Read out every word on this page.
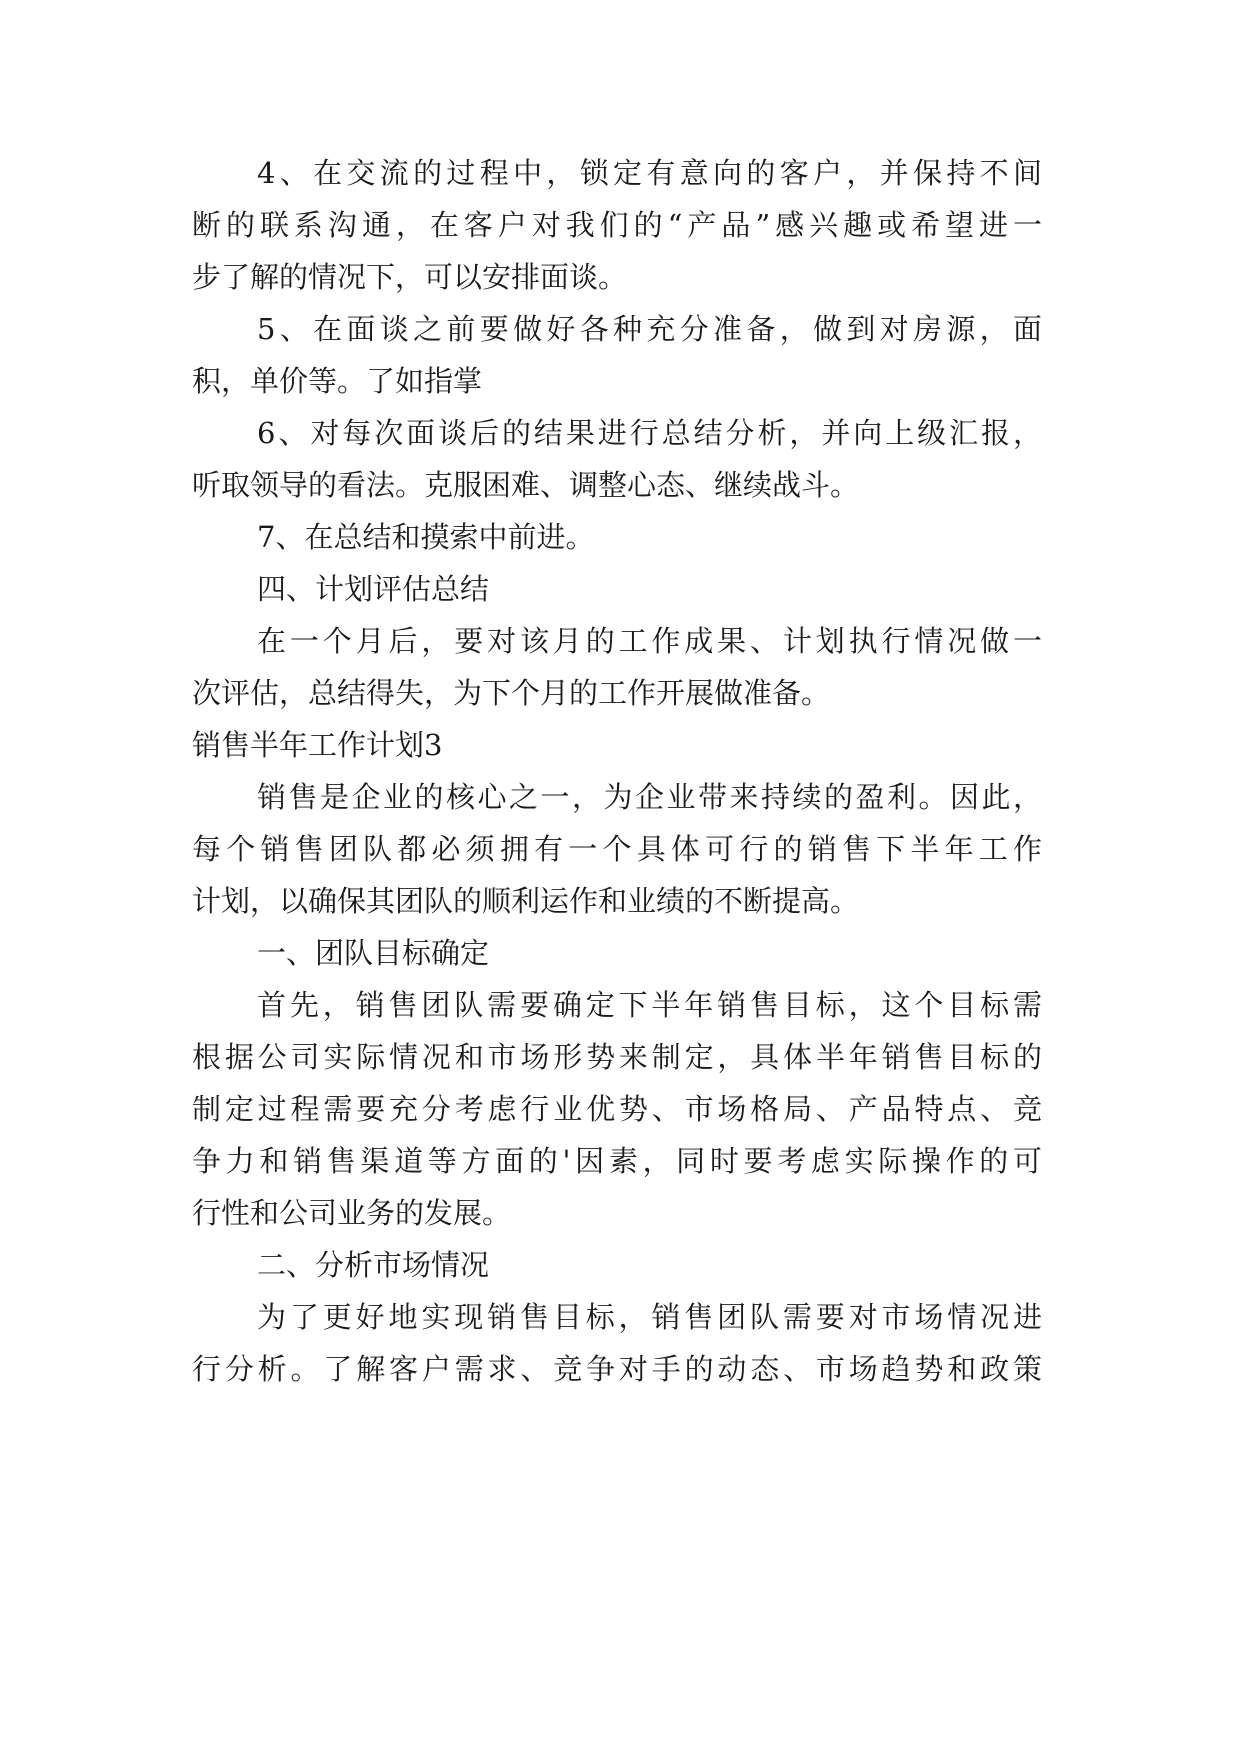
4、在交流的过程中，锁定有意向的客户，并保持不间
断的联系沟通，在客户对我们的“产品”感兴趣或希望进一
步了解的情况下，可以安排面谈。
5、在面谈之前要做好各种充分准备，做到对房源，面
积，单价等。了如指掌
6、对每次面谈后的结果进行总结分析，并向上级汇报，
听取领导的看法。克服困难、调整心态、继续战斗。
7、在总结和摸索中前进。
四、计划评估总结
在一个月后，要对该月的工作成果、计划执行情况做一
次评估，总结得失，为下个月的工作开展做准备。
销售半年工作计划3
销售是企业的核心之一，为企业带来持续的盈利。因此，
每个销售团队都必须拥有一个具体可行的销售下半年工作
计划，以确保其团队的顺利运作和业绩的不断提高。
一、团队目标确定
首先，销售团队需要确定下半年销售目标，这个目标需
根据公司实际情况和市场形势来制定，具体半年销售目标的
制定过程需要充分考虑行业优势、市场格局、产品特点、竞
争力和销售渠道等方面的'因素，同时要考虑实际操作的可
行性和公司业务的发展。
二、分析市场情况
为了更好地实现销售目标，销售团队需要对市场情况进
行分析。了解客户需求、竞争对手的动态、市场趋势和政策
